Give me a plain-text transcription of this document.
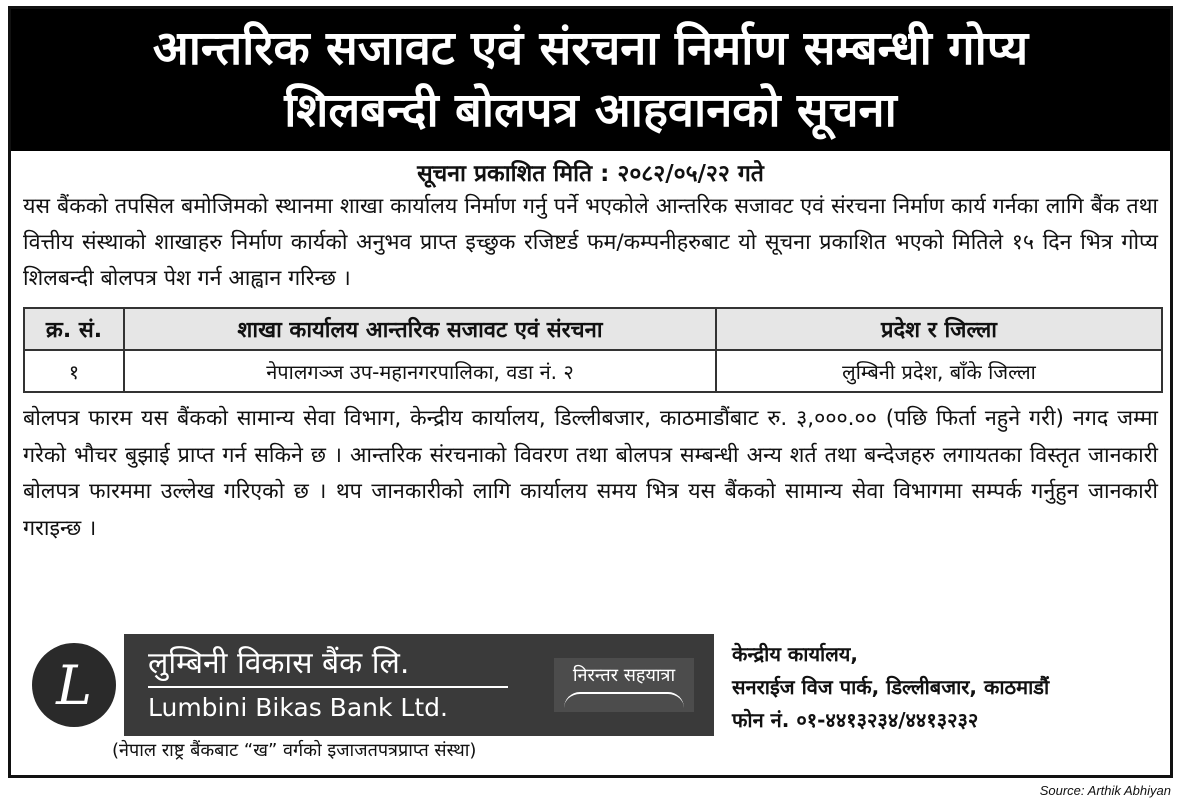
आन्तरिक सजावट एवं संरचना निर्माण सम्बन्धी गोप्य
शिलबन्दी बोलपत्र आहवानको सूचना
सूचना प्रकाशित मिति : २०८२/०५/२२ गते
यस बैंकको तपसिल बमोजिमको स्थानमा शाखा कार्यालय निर्माण गर्नु पर्ने भएकोले आन्तरिक सजावट एवं संरचना निर्माण कार्य गर्नका लागि बैंक तथा वित्तीय संस्थाको शाखाहरु निर्माण कार्यको अनुभव प्राप्त इच्छुक रजिष्टर्ड फम/कम्पनीहरुबाट यो सूचना प्रकाशित भएको मितिले १५ दिन भित्र गोप्य शिलबन्दी बोलपत्र पेश गर्न आह्वान गरिन्छ ।
क्र. सं.	शाखा कार्यालय आन्तरिक सजावट एवं संरचना	प्रदेश र जिल्ला
१	नेपालगञ्ज उप-महानगरपालिका, वडा नं. २	लुम्बिनी प्रदेश, बाँके जिल्ला
बोलपत्र फारम यस बैंकको सामान्य सेवा विभाग, केन्द्रीय कार्यालय, डिल्लीबजार, काठमाडौंबाट रु. ३,०००.०० (पछि फिर्ता नहुने गरी) नगद जम्मा गरेको भौचर बुझाई प्राप्त गर्न सकिने छ । आन्तरिक संरचनाको विवरण तथा बोलपत्र सम्बन्धी अन्य शर्त तथा बन्देजहरु लगायतका विस्तृत जानकारी बोलपत्र फारममा उल्लेख गरिएको छ । थप जानकारीको लागि कार्यालय समय भित्र यस बैंकको सामान्य सेवा विभागमा सम्पर्क गर्नुहुन जानकारी गराइन्छ ।
L	लुम्बिनी विकास बैंक लि.
Lumbini Bikas Bank Ltd.
निरन्तर सहयात्रा
(नेपाल राष्ट्र बैंकबाट “ख” वर्गको इजाजतपत्रप्राप्त संस्था)
केन्द्रीय कार्यालय,
सनराईज विज पार्क, डिल्लीबजार, काठमाडौं
फोन नं. ०१-४४१३२३४/४४१३२३२
Source: Arthik Abhiyan
